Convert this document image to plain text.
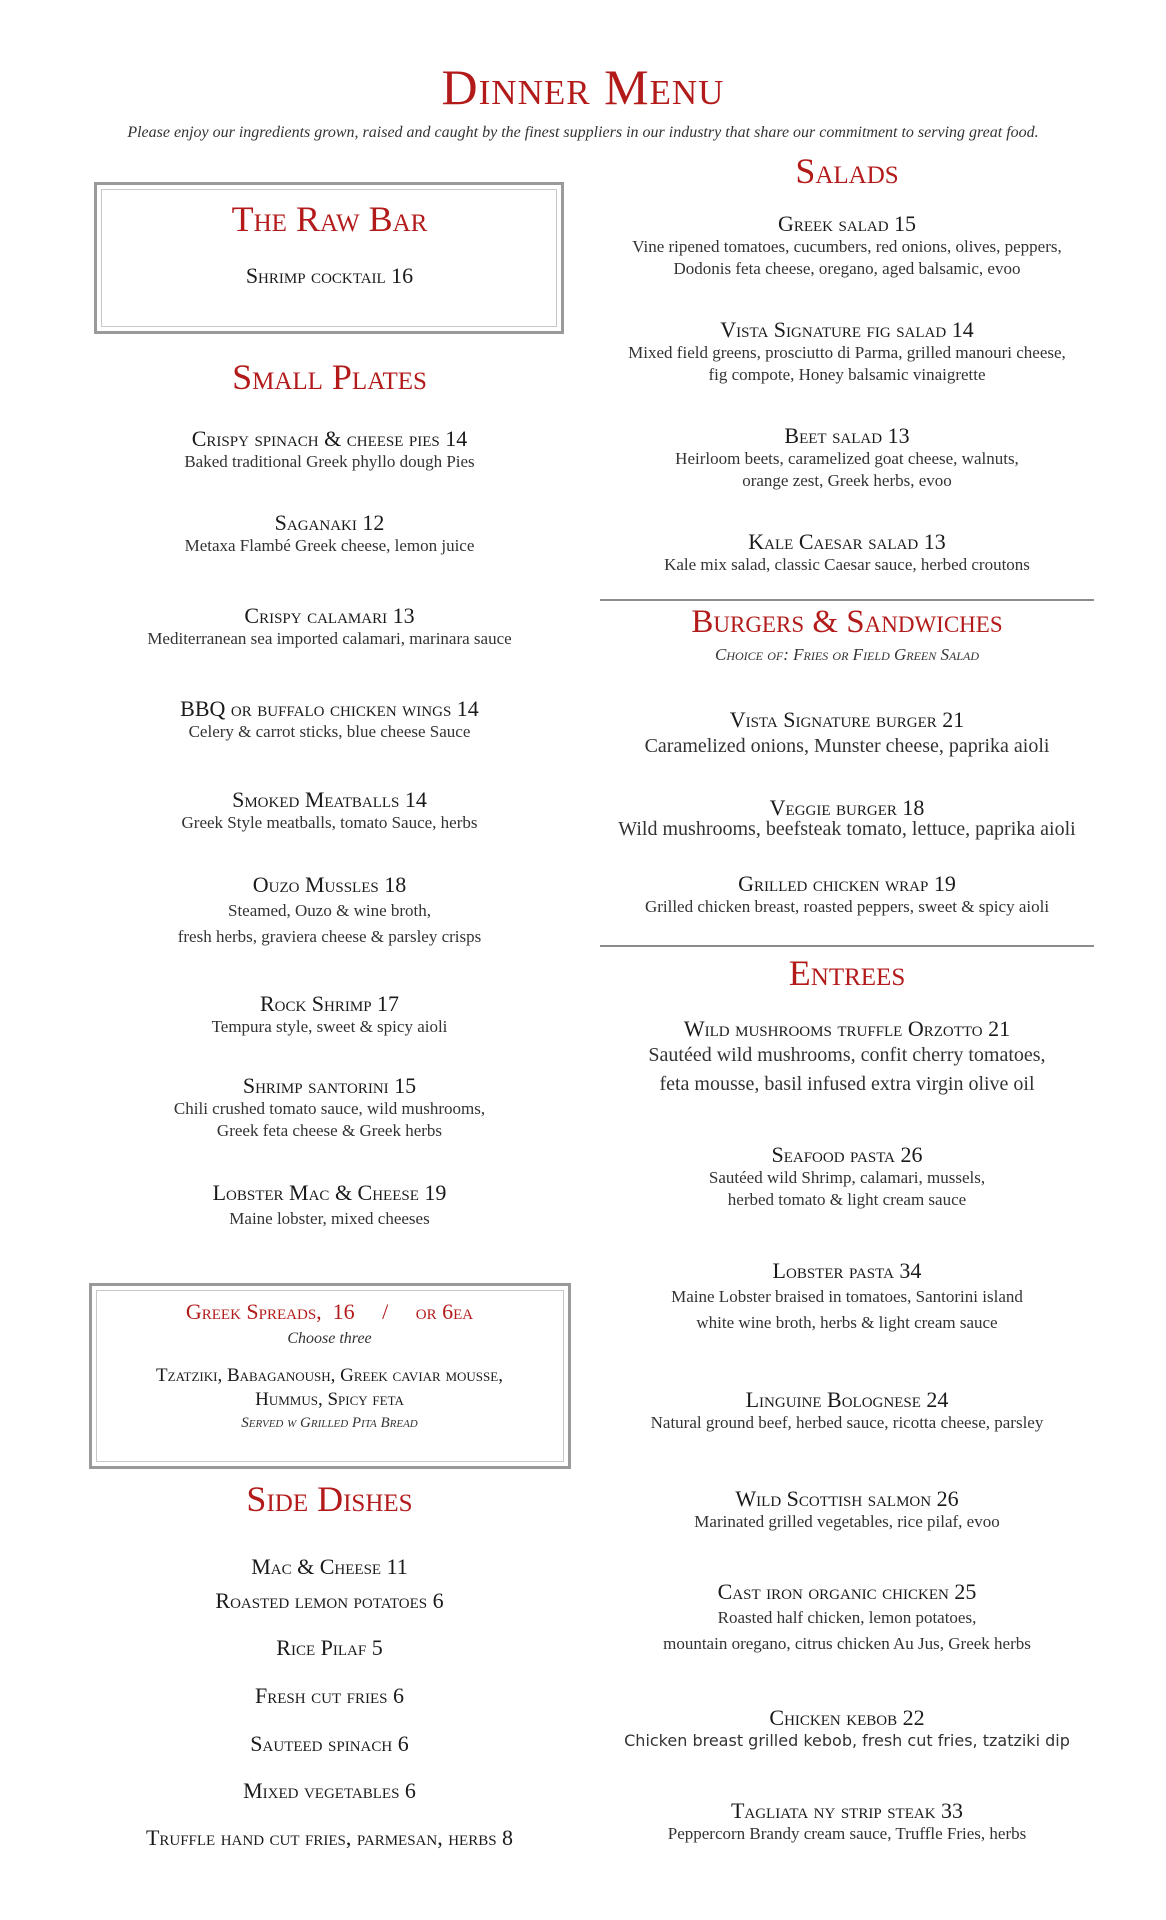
Dinner Menu
Please enjoy our ingredients grown, raised and caught by the finest suppliers in our industry that share our commitment to serving great food.
The Raw Bar
Shrimp cocktail 16
Small Plates
Crispy spinach & cheese pies 14
Baked traditional Greek phyllo dough Pies
Saganaki 12
Metaxa Flambé Greek cheese, lemon juice
Crispy calamari 13
Mediterranean sea imported calamari, marinara sauce
BBQ or buffalo chicken wings 14
Celery & carrot sticks, blue cheese Sauce
Smoked Meatballs 14
Greek Style meatballs, tomato Sauce, herbs
Ouzo Mussles 18
Steamed, Ouzo & wine broth,
fresh herbs, graviera cheese & parsley crisps
Rock Shrimp 17
Tempura style, sweet & spicy aioli
Shrimp santorini 15
Chili crushed tomato sauce, wild mushrooms,
Greek feta cheese & Greek herbs
Lobster Mac & Cheese 19
Maine lobster, mixed cheeses
Greek Spreads,  16     /     or 6ea
Choose three
Tzatziki, Babaganoush, Greek caviar mousse,
Hummus, Spicy feta
Served w Grilled Pita Bread
Side Dishes
Mac & Cheese 11
Roasted lemon potatoes 6
Rice Pilaf 5
Fresh cut fries 6
Sauteed spinach 6
Mixed vegetables 6
Truffle hand cut fries, parmesan, herbs 8
Salads
Greek salad 15
Vine ripened tomatoes, cucumbers, red onions, olives, peppers,
Dodonis feta cheese, oregano, aged balsamic, evoo
Vista Signature fig salad 14
Mixed field greens, prosciutto di Parma, grilled manouri cheese,
fig compote, Honey balsamic vinaigrette
Beet salad 13
Heirloom beets, caramelized goat cheese, walnuts,
orange zest, Greek herbs, evoo
Kale Caesar salad 13
Kale mix salad, classic Caesar sauce, herbed croutons
Burgers & Sandwiches
Choice of: Fries or Field Green Salad
Vista Signature burger 21
Caramelized onions, Munster cheese, paprika aioli
Veggie burger 18
Wild mushrooms, beefsteak tomato, lettuce, paprika aioli
Grilled chicken wrap 19
Grilled chicken breast, roasted peppers, sweet & spicy aioli
Entrees
Wild mushrooms truffle Orzotto 21
Sautéed wild mushrooms, confit cherry tomatoes,
feta mousse, basil infused extra virgin olive oil
Seafood pasta 26
Sautéed wild Shrimp, calamari, mussels,
herbed tomato & light cream sauce
Lobster pasta 34
Maine Lobster braised in tomatoes, Santorini island
white wine broth, herbs & light cream sauce
Linguine Bolognese 24
Natural ground beef, herbed sauce, ricotta cheese, parsley
Wild Scottish salmon 26
Marinated grilled vegetables, rice pilaf, evoo
Cast iron organic chicken 25
Roasted half chicken, lemon potatoes,
mountain oregano, citrus chicken Au Jus, Greek herbs
Chicken kebob 22
Chicken breast grilled kebob, fresh cut fries, tzatziki dip
Tagliata ny strip steak 33
Peppercorn Brandy cream sauce, Truffle Fries, herbs
